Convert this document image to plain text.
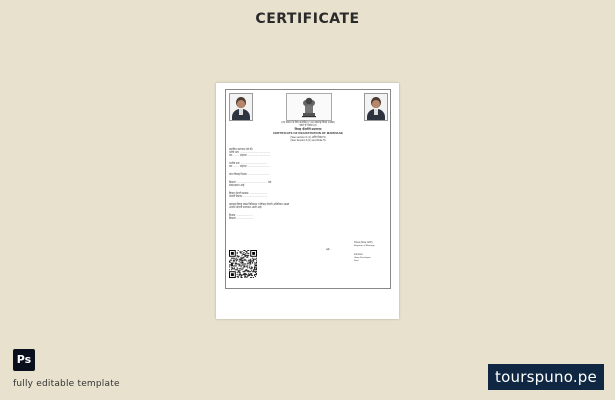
CERTIFICATE
(नए प्रारूप के लिए संशोधित 7 (iii) महाराष्ट्र नियम 1998)
फॉर्म 'ई' नियम (4)
विवाह नोंदणीचे प्रमाणपत्र
CERTIFICATE OF REGISTRATION OF MARRIAGE
(See section 6 (1) आणि नियम 5)
(See Section 6 (1) and Rule 5)
प्रमाणित करण्यात येते की,
पतीचे नाव: ..........................................
वय: ........ राहणार: ...............................
पत्नीचे नाव: .....................................
वय: ........ राहणार: ...............................
यांचा विवाह दिनांक: ..............................
ठिकाण: .......................................... येथे
संपन्न झाला आहे.
विवाह नोंदणी क्रमांक: ........................
नोंदणी दिनांक: ..................................
महाराष्ट्र विवाह मंडळ विनियमन व विवाह नोंदणी अधिनियम 1998
अंतर्गत नोंदणी करण्यात आली आहे.
दिनांक: ......................
ठिकाण: ......................
निबंधक (विवाह नोंदणी)
Registrar of Marriage
सही/-
ग्रामपंचायत
Gram Panchayat
Seal
Ps
fully editable template	tourspuno.pe
